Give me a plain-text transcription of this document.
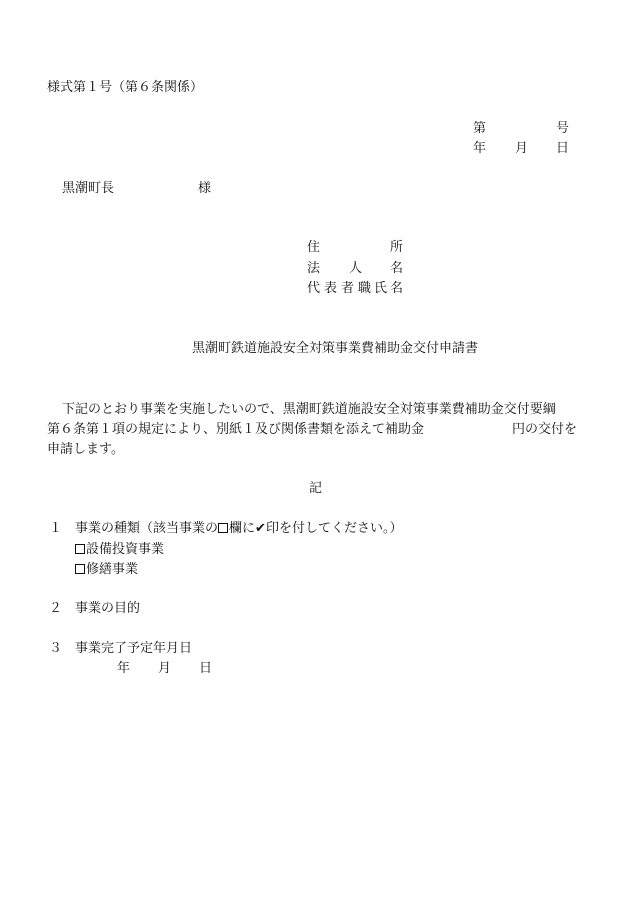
様式第１号（第６条関係）
第	号
年 月 日
黒潮町長	様
住	所
法 人 名
代 表 者 職 氏 名
黒潮町鉄道施設安全対策事業費補助金交付申請書
下記のとおり事業を実施したいので、黒潮町鉄道施設安全対策事業費補助金交付要綱
第６条第１項の規定により、別紙１及び関係書類を添えて補助金	円の交付を
申請します。
記
１ 事業の種類（該当事業の 欄に✔印を付してください。）
設備投資事業
修繕事業
２ 事業の目的
３ 事業完了予定年月日
年 月 日
